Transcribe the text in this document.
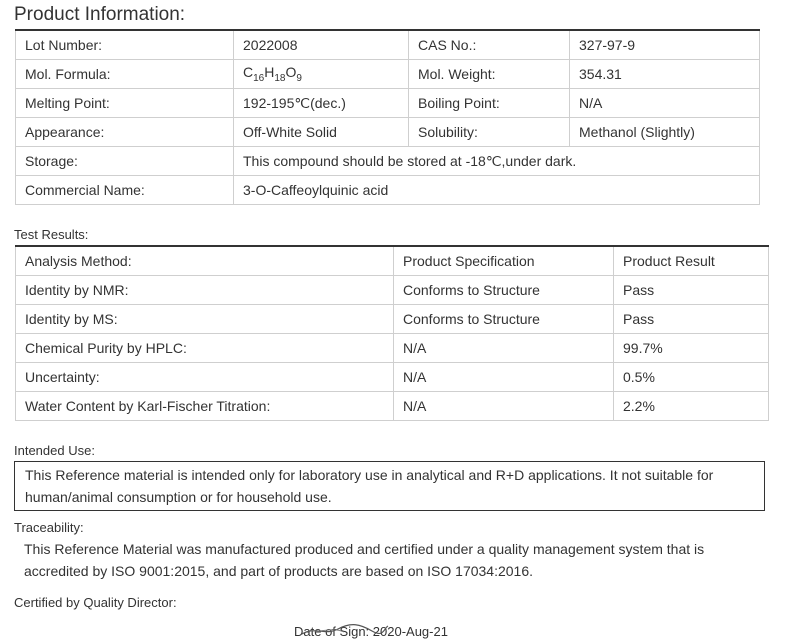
Product Information:
Lot Number:	2022008	CAS No.:	327-97-9
Mol. Formula:	$C_{16}H_{18}O_9$	Mol. Weight:	354.31
Melting Point:	192-195℃(dec.)	Boiling Point:	N/A
Appearance:	Off-White Solid	Solubility:	Methanol (Slightly)
Storage:	This compound should be stored at -18℃,under dark.		
Commercial Name:	3-O-Caffeoylquinic acid		
Test Results:
Analysis Method:	Product Specification	Product Result
Identity by NMR:	Conforms to Structure	Pass
Identity by MS:	Conforms to Structure	Pass
Chemical Purity by HPLC:	N/A	99.7%
Uncertainty:	N/A	0.5%
Water Content by Karl-Fischer Titration:	N/A	2.2%
Intended Use:
This Reference material is intended only for laboratory use in analytical and R+D applications. It not suitable for human/animal consumption or for household use.
Traceability:
This Reference Material was manufactured produced and certified under a quality management system that is accredited by ISO 9001:2015, and part of products are based on ISO 17034:2016.
Certified by Quality Director:
Date of Sign: 2020-Aug-21
